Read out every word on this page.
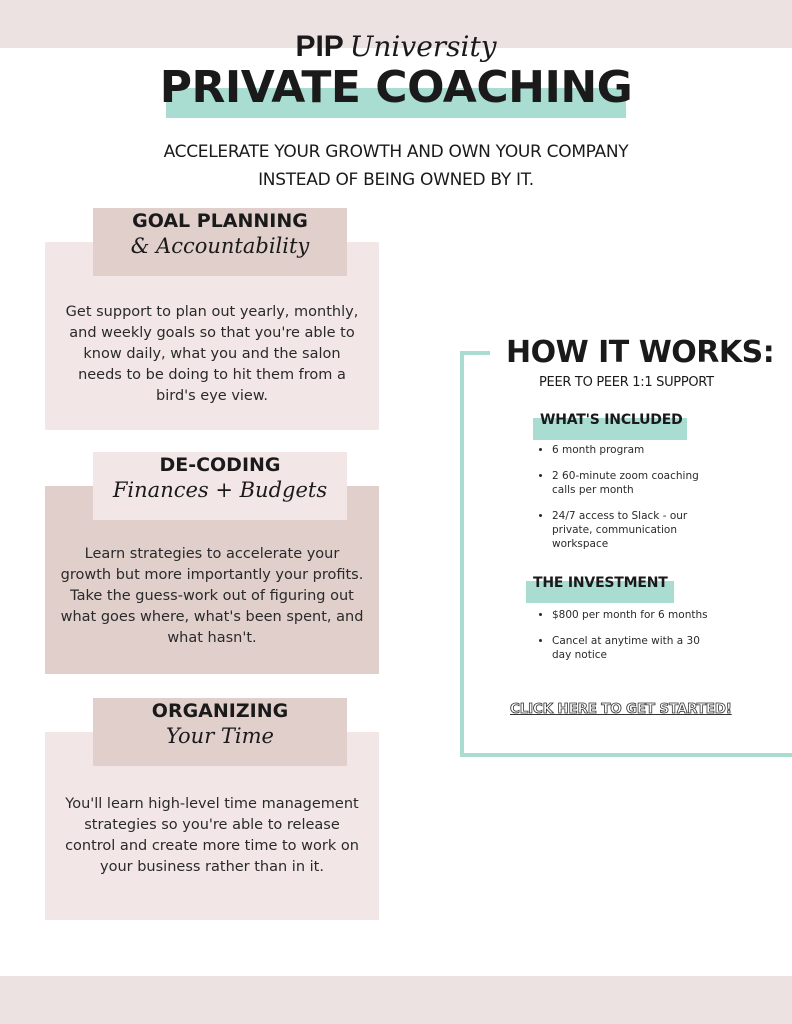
PIP University
PRIVATE COACHING
ACCELERATE YOUR GROWTH AND OWN YOUR COMPANY INSTEAD OF BEING OWNED BY IT.
GOAL PLANNING
& Accountability
Get support to plan out yearly, monthly, and weekly goals so that you're able to know daily, what you and the salon needs to be doing to hit them from a bird's eye view.
DE-CODING
Finances + Budgets
Learn strategies to accelerate your growth but more importantly your profits. Take the guess-work out of figuring out what goes where, what's been spent, and what hasn't.
ORGANIZING
Your Time
You'll learn high-level time management strategies so you're able to release control and create more time to work on your business rather than in it.
HOW IT WORKS:
PEER TO PEER 1:1 SUPPORT
WHAT'S INCLUDED
• 6 month program
• 2 60-minute zoom coaching calls per month
• 24/7 access to Slack - our private, communication workspace
THE INVESTMENT
• $800 per month for 6 months
• Cancel at anytime with a 30 day notice
CLICK HERE TO GET STARTED!
